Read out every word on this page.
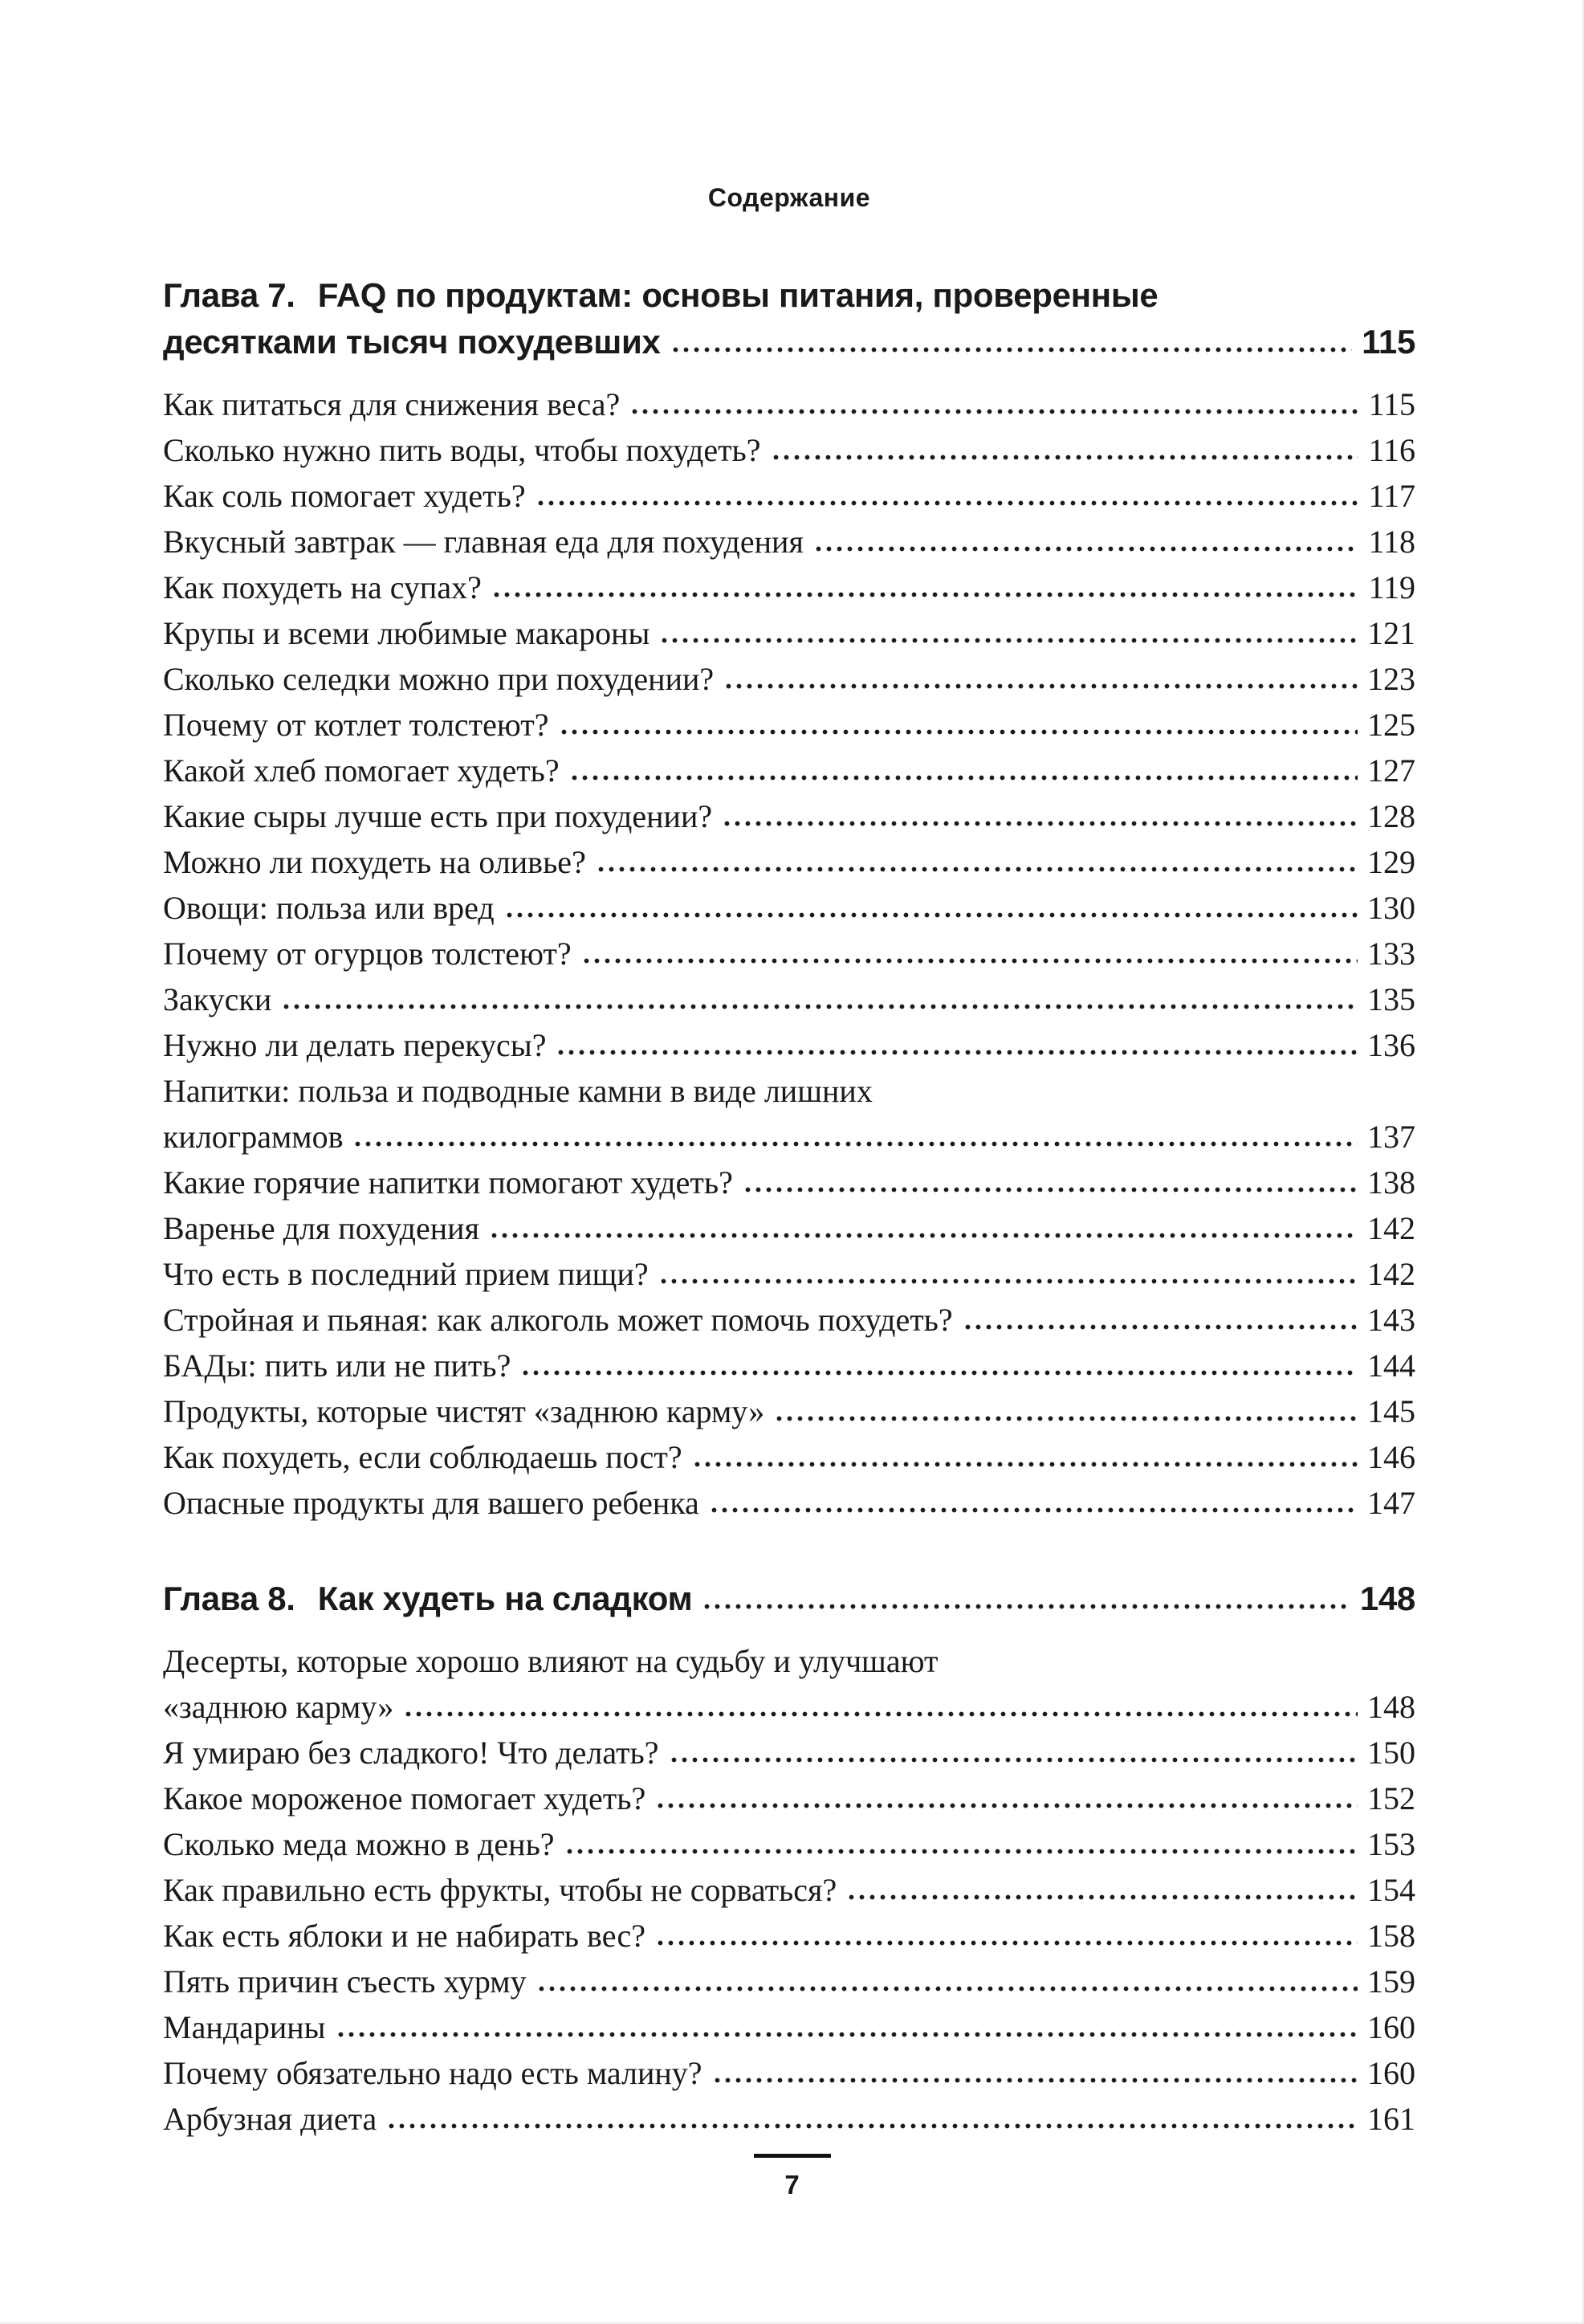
Содержание
Глава 7. FAQ по продуктам: основы питания, проверенные
десятками тысяч похудевших	115
Как питаться для снижения веса?	115
Сколько нужно пить воды, чтобы похудеть?	116
Как соль помогает худеть?	117
Вкусный завтрак — главная еда для похудения	118
Как похудеть на супах?	119
Крупы и всеми любимые макароны	121
Сколько селедки можно при похудении?	123
Почему от котлет толстеют?	125
Какой хлеб помогает худеть?	127
Какие сыры лучше есть при похудении?	128
Можно ли похудеть на оливье?	129
Овощи: польза или вред	130
Почему от огурцов толстеют?	133
Закуски	135
Нужно ли делать перекусы?	136
Напитки: польза и подводные камни в виде лишних
килограммов	137
Какие горячие напитки помогают худеть?	138
Варенье для похудения	142
Что есть в последний прием пищи?	142
Стройная и пьяная: как алкоголь может помочь похудеть?	143
БАДы: пить или не пить?	144
Продукты, которые чистят «заднюю карму»	145
Как похудеть, если соблюдаешь пост?	146
Опасные продукты для вашего ребенка	147
Глава 8. Как худеть на сладком	148
Десерты, которые хорошо влияют на судьбу и улучшают
«заднюю карму»	148
Я умираю без сладкого! Что делать?	150
Какое мороженое помогает худеть?	152
Сколько меда можно в день?	153
Как правильно есть фрукты, чтобы не сорваться?	154
Как есть яблоки и не набирать вес?	158
Пять причин съесть хурму	159
Мандарины	160
Почему обязательно надо есть малину?	160
Арбузная диета	161
7
